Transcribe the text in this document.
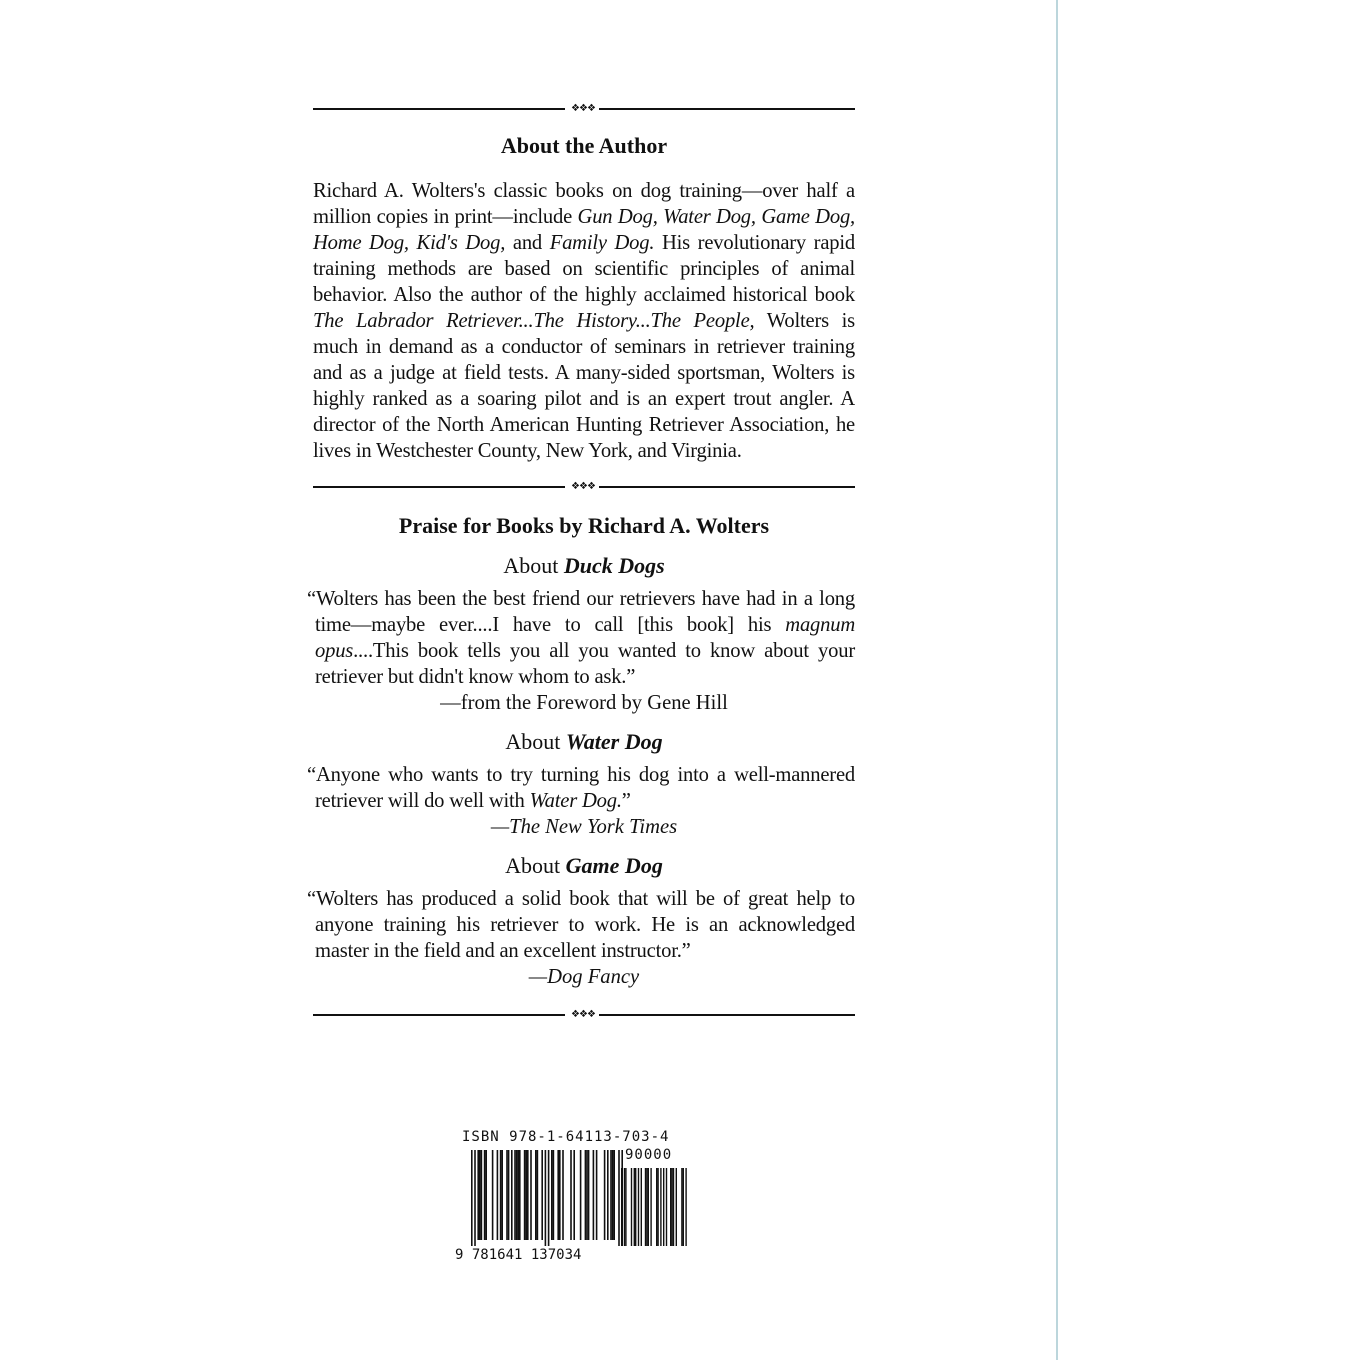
❖❖❖
About the Author

Richard A. Wolters's classic books on dog training—over half a million copies in print—include Gun Dog, Water Dog, Game Dog, Home Dog, Kid's Dog, and Family Dog. His revolutionary rapid training methods are based on scientific principles of animal behavior. Also the author of the highly acclaimed historical book The Labrador Retriever...The History...The People, Wolters is much in demand as a conductor of seminars in retriever training and as a judge at field tests. A many-sided sportsman, Wolters is highly ranked as a soaring pilot and is an expert trout angler. A director of the North American Hunting Retriever Association, he lives in Westchester County, New York, and Virginia.

❖❖❖
Praise for Books by Richard A. Wolters
About Duck Dogs

“Wolters has been the best friend our retrievers have had in a long time—maybe ever....I have to call [this book] his magnum opus....This book tells you all you wanted to know about your retriever but didn't know whom to ask.”

—from the Foreword by Gene Hill

About Water Dog

“Anyone who wants to try turning his dog into a well-mannered retriever will do well with Water Dog.”

—The New York Times

About Game Dog

“Wolters has produced a solid book that will be of great help to anyone training his retriever to work. He is an acknowledged master in the field and an excellent instructor.”

—Dog Fancy

❖❖❖
ISBN 978-1-64113-703-4
90000
9 781641 137034
